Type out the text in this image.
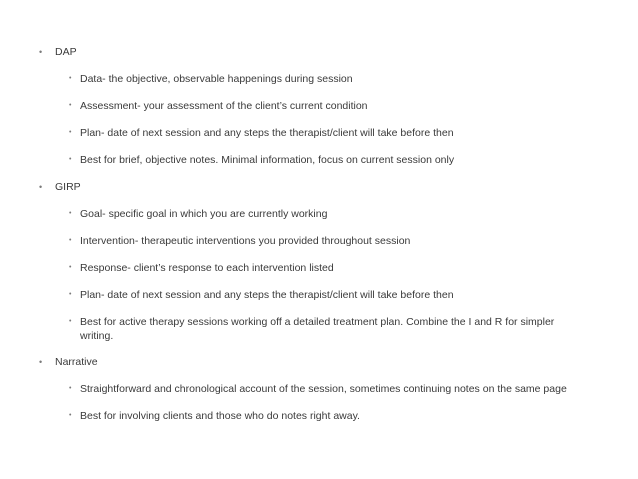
• DAP
• Data- the objective, observable happenings during session
• Assessment- your assessment of the client’s current condition
• Plan- date of next session and any steps the therapist/client will take before then
• Best for brief, objective notes. Minimal information, focus on current session only
• GIRP
• Goal- specific goal in which you are currently working
• Intervention- therapeutic interventions you provided throughout session
• Response- client’s response to each intervention listed
• Plan- date of next session and any steps the therapist/client will take before then
• Best for active therapy sessions working off a detailed treatment plan. Combine the I and R for simpler writing.
• Narrative
• Straightforward and chronological account of the session, sometimes continuing notes on the same page
• Best for involving clients and those who do notes right away.
